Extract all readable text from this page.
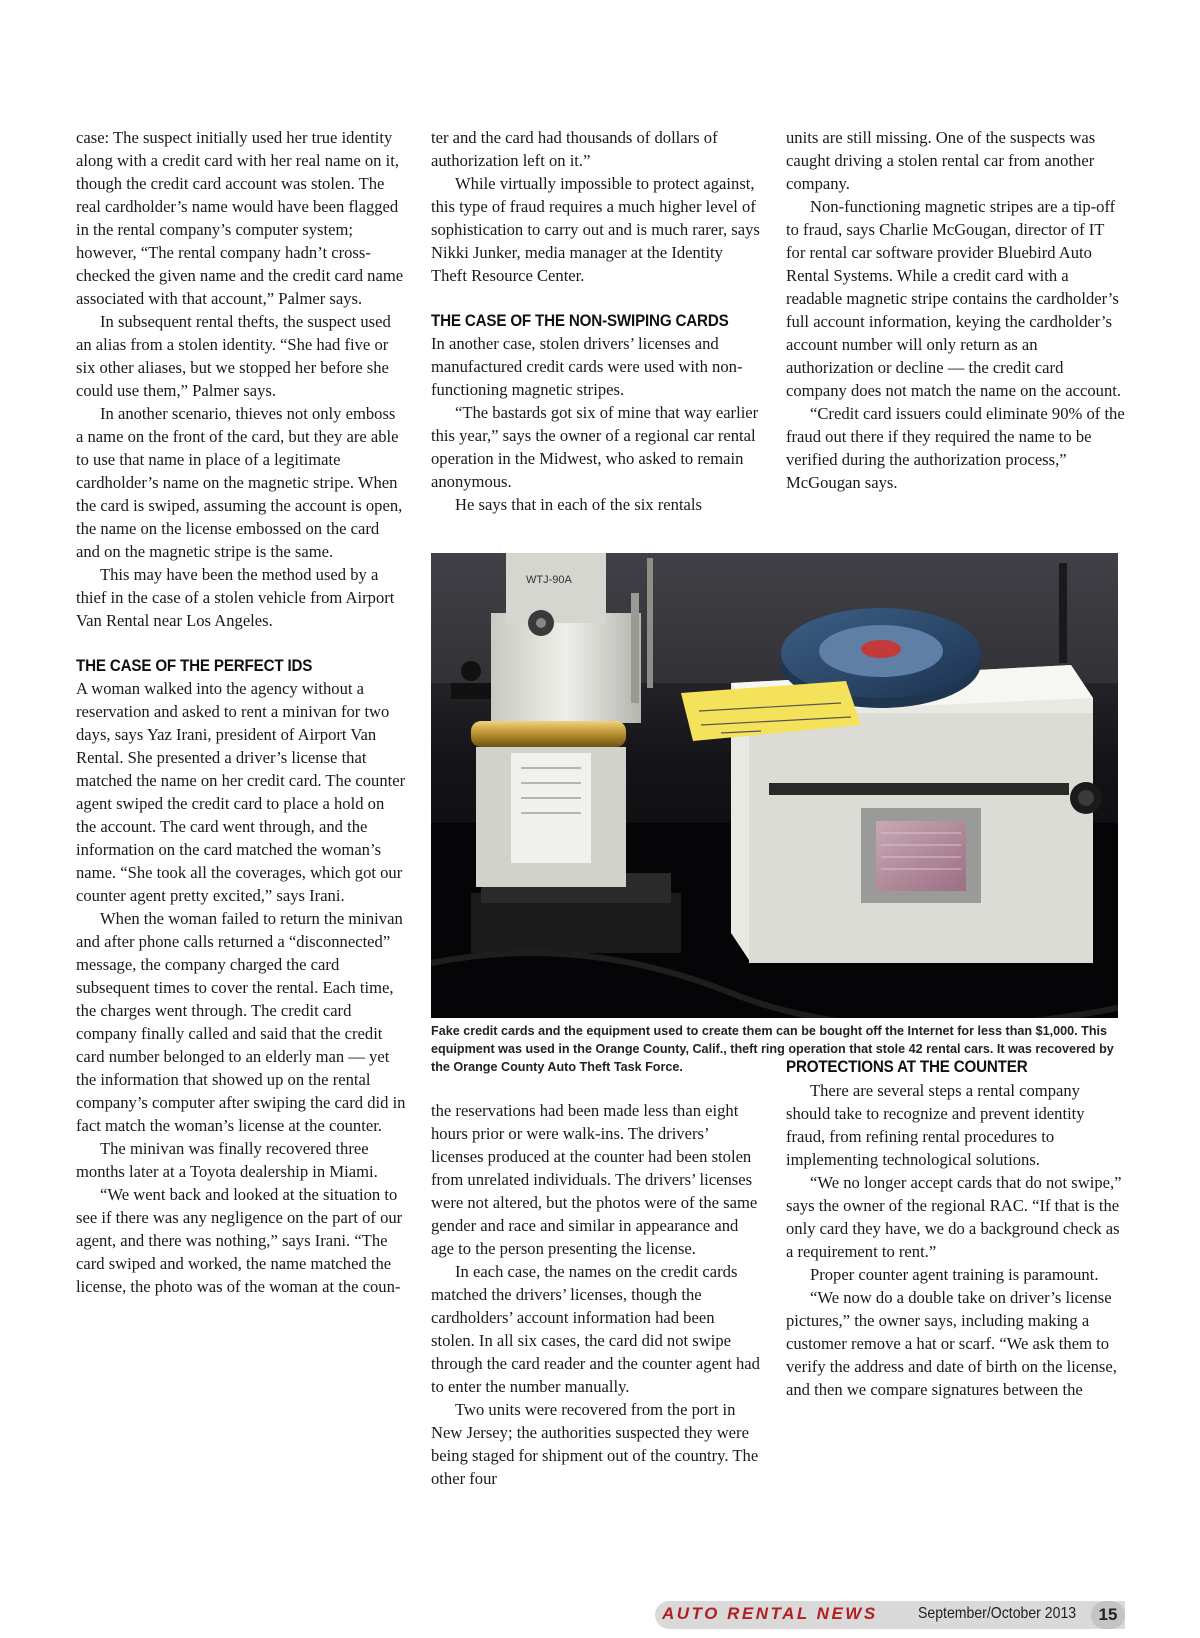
case: The suspect initially used her true identity along with a credit card with her real name on it, though the credit card account was stolen. The real cardholder’s name would have been flagged in the rental company’s computer system; however, “The rental company hadn’t cross-checked the given name and the credit card name associated with that account,” Palmer says.

In subsequent rental thefts, the suspect used an alias from a stolen identity. “She had five or six other aliases, but we stopped her before she could use them,” Palmer says.

In another scenario, thieves not only emboss a name on the front of the card, but they are able to use that name in place of a legitimate cardholder’s name on the magnetic stripe. When the card is swiped, assuming the account is open, the name on the license embossed on the card and on the magnetic stripe is the same.

This may have been the method used by a thief in the case of a stolen vehicle from Airport Van Rental near Los Angeles.

THE CASE OF THE PERFECT IDS

A woman walked into the agency without a reservation and asked to rent a minivan for two days, says Yaz Irani, president of Airport Van Rental. She presented a driver’s license that matched the name on her credit card. The counter agent swiped the credit card to place a hold on the account. The card went through, and the information on the card matched the woman’s name. “She took all the coverages, which got our counter agent pretty excited,” says Irani.

When the woman failed to return the minivan and after phone calls returned a “disconnected” message, the company charged the card subsequent times to cover the rental. Each time, the charges went through. The credit card company finally called and said that the credit card number belonged to an elderly man — yet the information that showed up on the rental company’s computer after swiping the card did in fact match the woman’s license at the counter.

The minivan was finally recovered three months later at a Toyota dealership in Miami.

“We went back and looked at the situation to see if there was any negligence on the part of our agent, and there was nothing,” says Irani. “The card swiped and worked, the name matched the license, the photo was of the woman at the coun-

ter and the card had thousands of dollars of authorization left on it.”

While virtually impossible to protect against, this type of fraud requires a much higher level of sophistication to carry out and is much rarer, says Nikki Junker, media manager at the Identity Theft Resource Center.

THE CASE OF THE NON-SWIPING CARDS

In another case, stolen drivers’ licenses and manufactured credit cards were used with non-functioning magnetic stripes.

“The bastards got six of mine that way earlier this year,” says the owner of a regional car rental operation in the Midwest, who asked to remain anonymous.

He says that in each of the six rentals

units are still missing. One of the suspects was caught driving a stolen rental car from another company.

Non-functioning magnetic stripes are a tip-off to fraud, says Charlie McGougan, director of IT for rental car software provider Bluebird Auto Rental Systems. While a credit card with a readable magnetic stripe contains the cardholder’s full account information, keying the cardholder’s account number will only return as an authorization or decline — the credit card company does not match the name on the account.

“Credit card issuers could eliminate 90% of the fraud out there if they required the name to be verified during the authorization process,” McGougan says.

WTJ-90A
Fake credit cards and the equipment used to create them can be bought off the Internet for less than $1,000. This equipment was used in the Orange County, Calif., theft ring operation that stole 42 rental cars. It was recovered by the Orange County Auto Theft Task Force.

the reservations had been made less than eight hours prior or were walk-ins. The drivers’ licenses produced at the counter had been stolen from unrelated individuals. The drivers’ licenses were not altered, but the photos were of the same gender and race and similar in appearance and age to the person presenting the license.

In each case, the names on the credit cards matched the drivers’ licenses, though the cardholders’ account information had been stolen. In all six cases, the card did not swipe through the card reader and the counter agent had to enter the number manually.

Two units were recovered from the port in New Jersey; the authorities suspected they were being staged for shipment out of the country. The other four

PROTECTIONS AT THE COUNTER

There are several steps a rental company should take to recognize and prevent identity fraud, from refining rental procedures to implementing technological solutions.

“We no longer accept cards that do not swipe,” says the owner of the regional RAC. “If that is the only card they have, we do a background check as a requirement to rent.”

Proper counter agent training is paramount.

“We now do a double take on driver’s license pictures,” the owner says, including making a customer remove a hat or scarf. “We ask them to verify the address and date of birth on the license, and then we compare signatures between the

AUTO RENTAL NEWS	September/October 2013	15
